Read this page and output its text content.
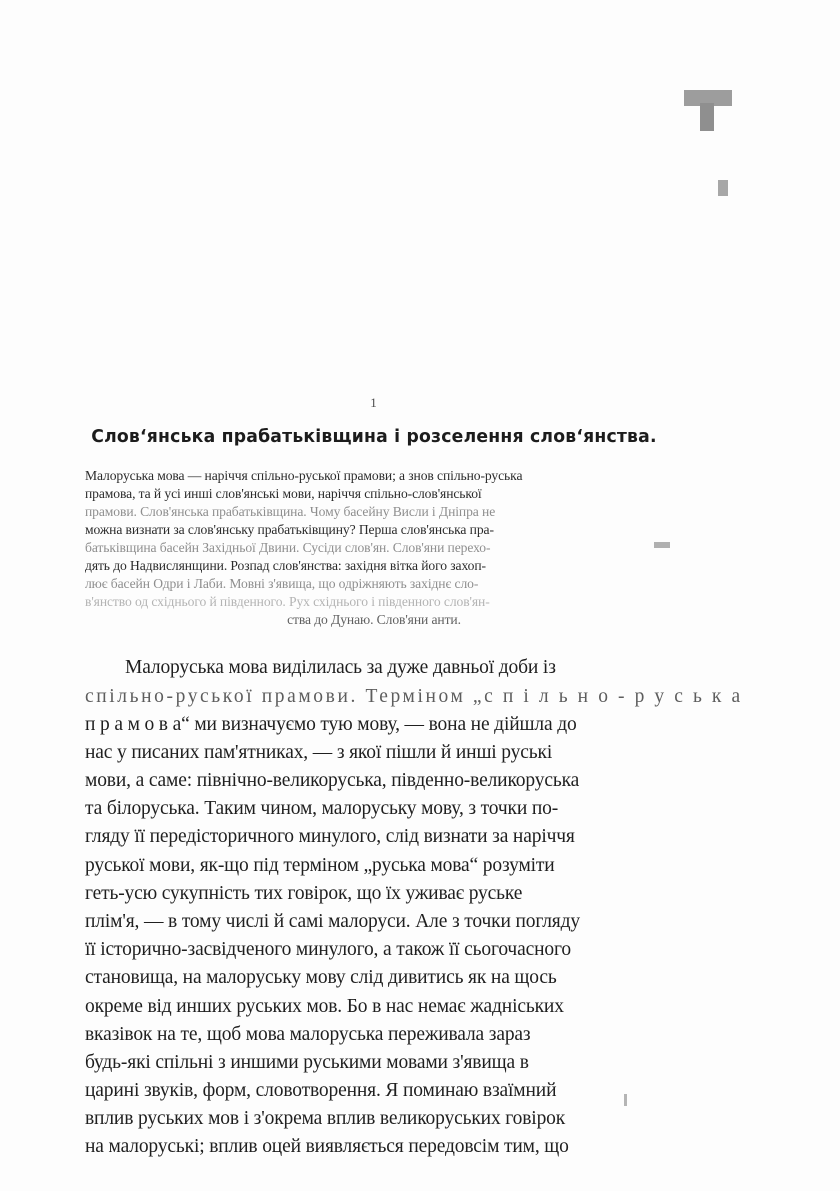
1
Слов‘янська прабатьківщина і розселення слов‘янства.
Малоруська мова — наріччя спільно-руської прамови; а знов спільно-руська
прамова, та й усі инші слов'янські мови, наріччя спільно-слов'янської
прамови. Слов'янська прабатьківщина. Чому басейну Висли і Дніпра не
можна визнати за слов'янську прабатьківщину? Перша слов'янська пра-
батьківщина басейн Західньої Двини. Сусіди слов'ян. Слов'яни перехо-
дять до Надвислянщини. Розпад слов'янства: західня вітка його захоп-
лює басейн Одри і Лаби. Мовні з'явища, що одріжняють західнє сло-
в'янство од східнього й південного. Рух східнього і південного слов'ян-
ства до Дунаю. Слов'яни анти.
Малоруська мова виділилась за дуже давньої доби із
спільно-руської прамови. Терміном „с п і л ь н о - р у с ь к а
п р а м о в а“ ми визначуємо тую мову, — вона не дійшла до
нас у писаних пам'ятниках, — з якої пішли й инші руські
мови, а саме: північно-великоруська, південно-великоруська
та білоруська. Таким чином, малоруську мову, з точки по-
гляду її передісторичного минулого, слід визнати за наріччя
руської мови, як-що під терміном „руська мова“ розуміти
геть-усю сукупність тих говірок, що їх уживає руське
плім'я, — в тому числі й самі малоруси. Але з точки погляду
її історично-засвідченого минулого, а також її сьогочасного
становища, на малоруську мову слід дивитись як на щось
окреме від инших руських мов. Бо в нас немає жадніських
вказівок на те, щоб мова малоруська переживала зараз
будь-які спільні з иншими руськими мовами з'явища в
царині звуків, форм, словотворення. Я поминаю взаїмний
вплив руських мов і з'окрема вплив великоруських говірок
на малоруські; вплив оцей виявляється передовсім тим, що
